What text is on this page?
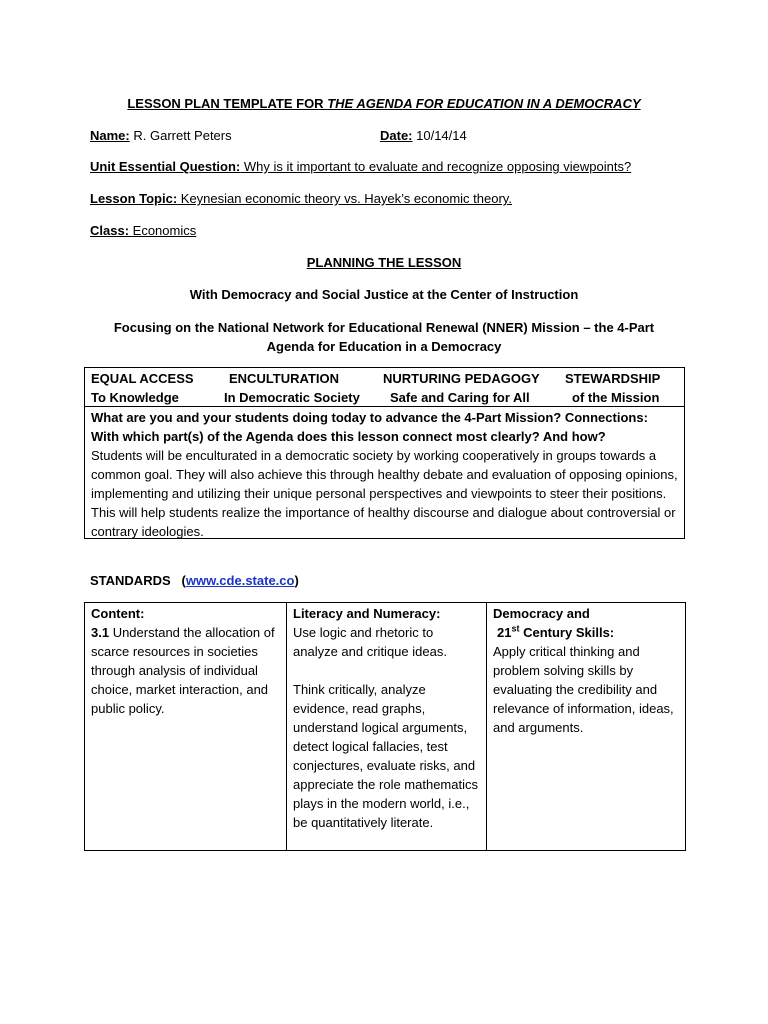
LESSON PLAN TEMPLATE FOR THE AGENDA FOR EDUCATION IN A DEMOCRACY
Name: R. Garrett Peters	Date: 10/14/14
Unit Essential Question: Why is it important to evaluate and recognize opposing viewpoints?
Lesson Topic: Keynesian economic theory vs. Hayek’s economic theory.
Class: Economics
PLANNING THE LESSON
With Democracy and Social Justice at the Center of Instruction
Focusing on the National Network for Educational Renewal (NNER) Mission – the 4-Part Agenda for Education in a Democracy
EQUAL ACCESS
To Knowledge
ENCULTURATION
In Democratic Society
NURTURING PEDAGOGY
Safe and Caring for All
STEWARDSHIP
of the Mission
What are you and your students doing today to advance the 4-Part Mission? Connections: With which part(s) of the Agenda does this lesson connect most clearly? And how?
Students will be enculturated in a democratic society by working cooperatively in groups towards a common goal. They will also achieve this through healthy debate and evaluation of opposing opinions, implementing and utilizing their unique personal perspectives and viewpoints to steer their positions. This will help students realize the importance of healthy discourse and dialogue about controversial or contrary ideologies.
STANDARDS (www.cde.state.co)
Content:
3.1 Understand the allocation of scarce resources in societies through analysis of individual choice, market interaction, and public policy.
Literacy and Numeracy:
Use logic and rhetoric to analyze and critique ideas.
Think critically, analyze evidence, read graphs, understand logical arguments, detect logical fallacies, test conjectures, evaluate risks, and appreciate the role mathematics plays in the modern world, i.e., be quantitatively literate.
Democracy and
21st Century Skills:
Apply critical thinking and problem solving skills by evaluating the credibility and relevance of information, ideas, and arguments.
